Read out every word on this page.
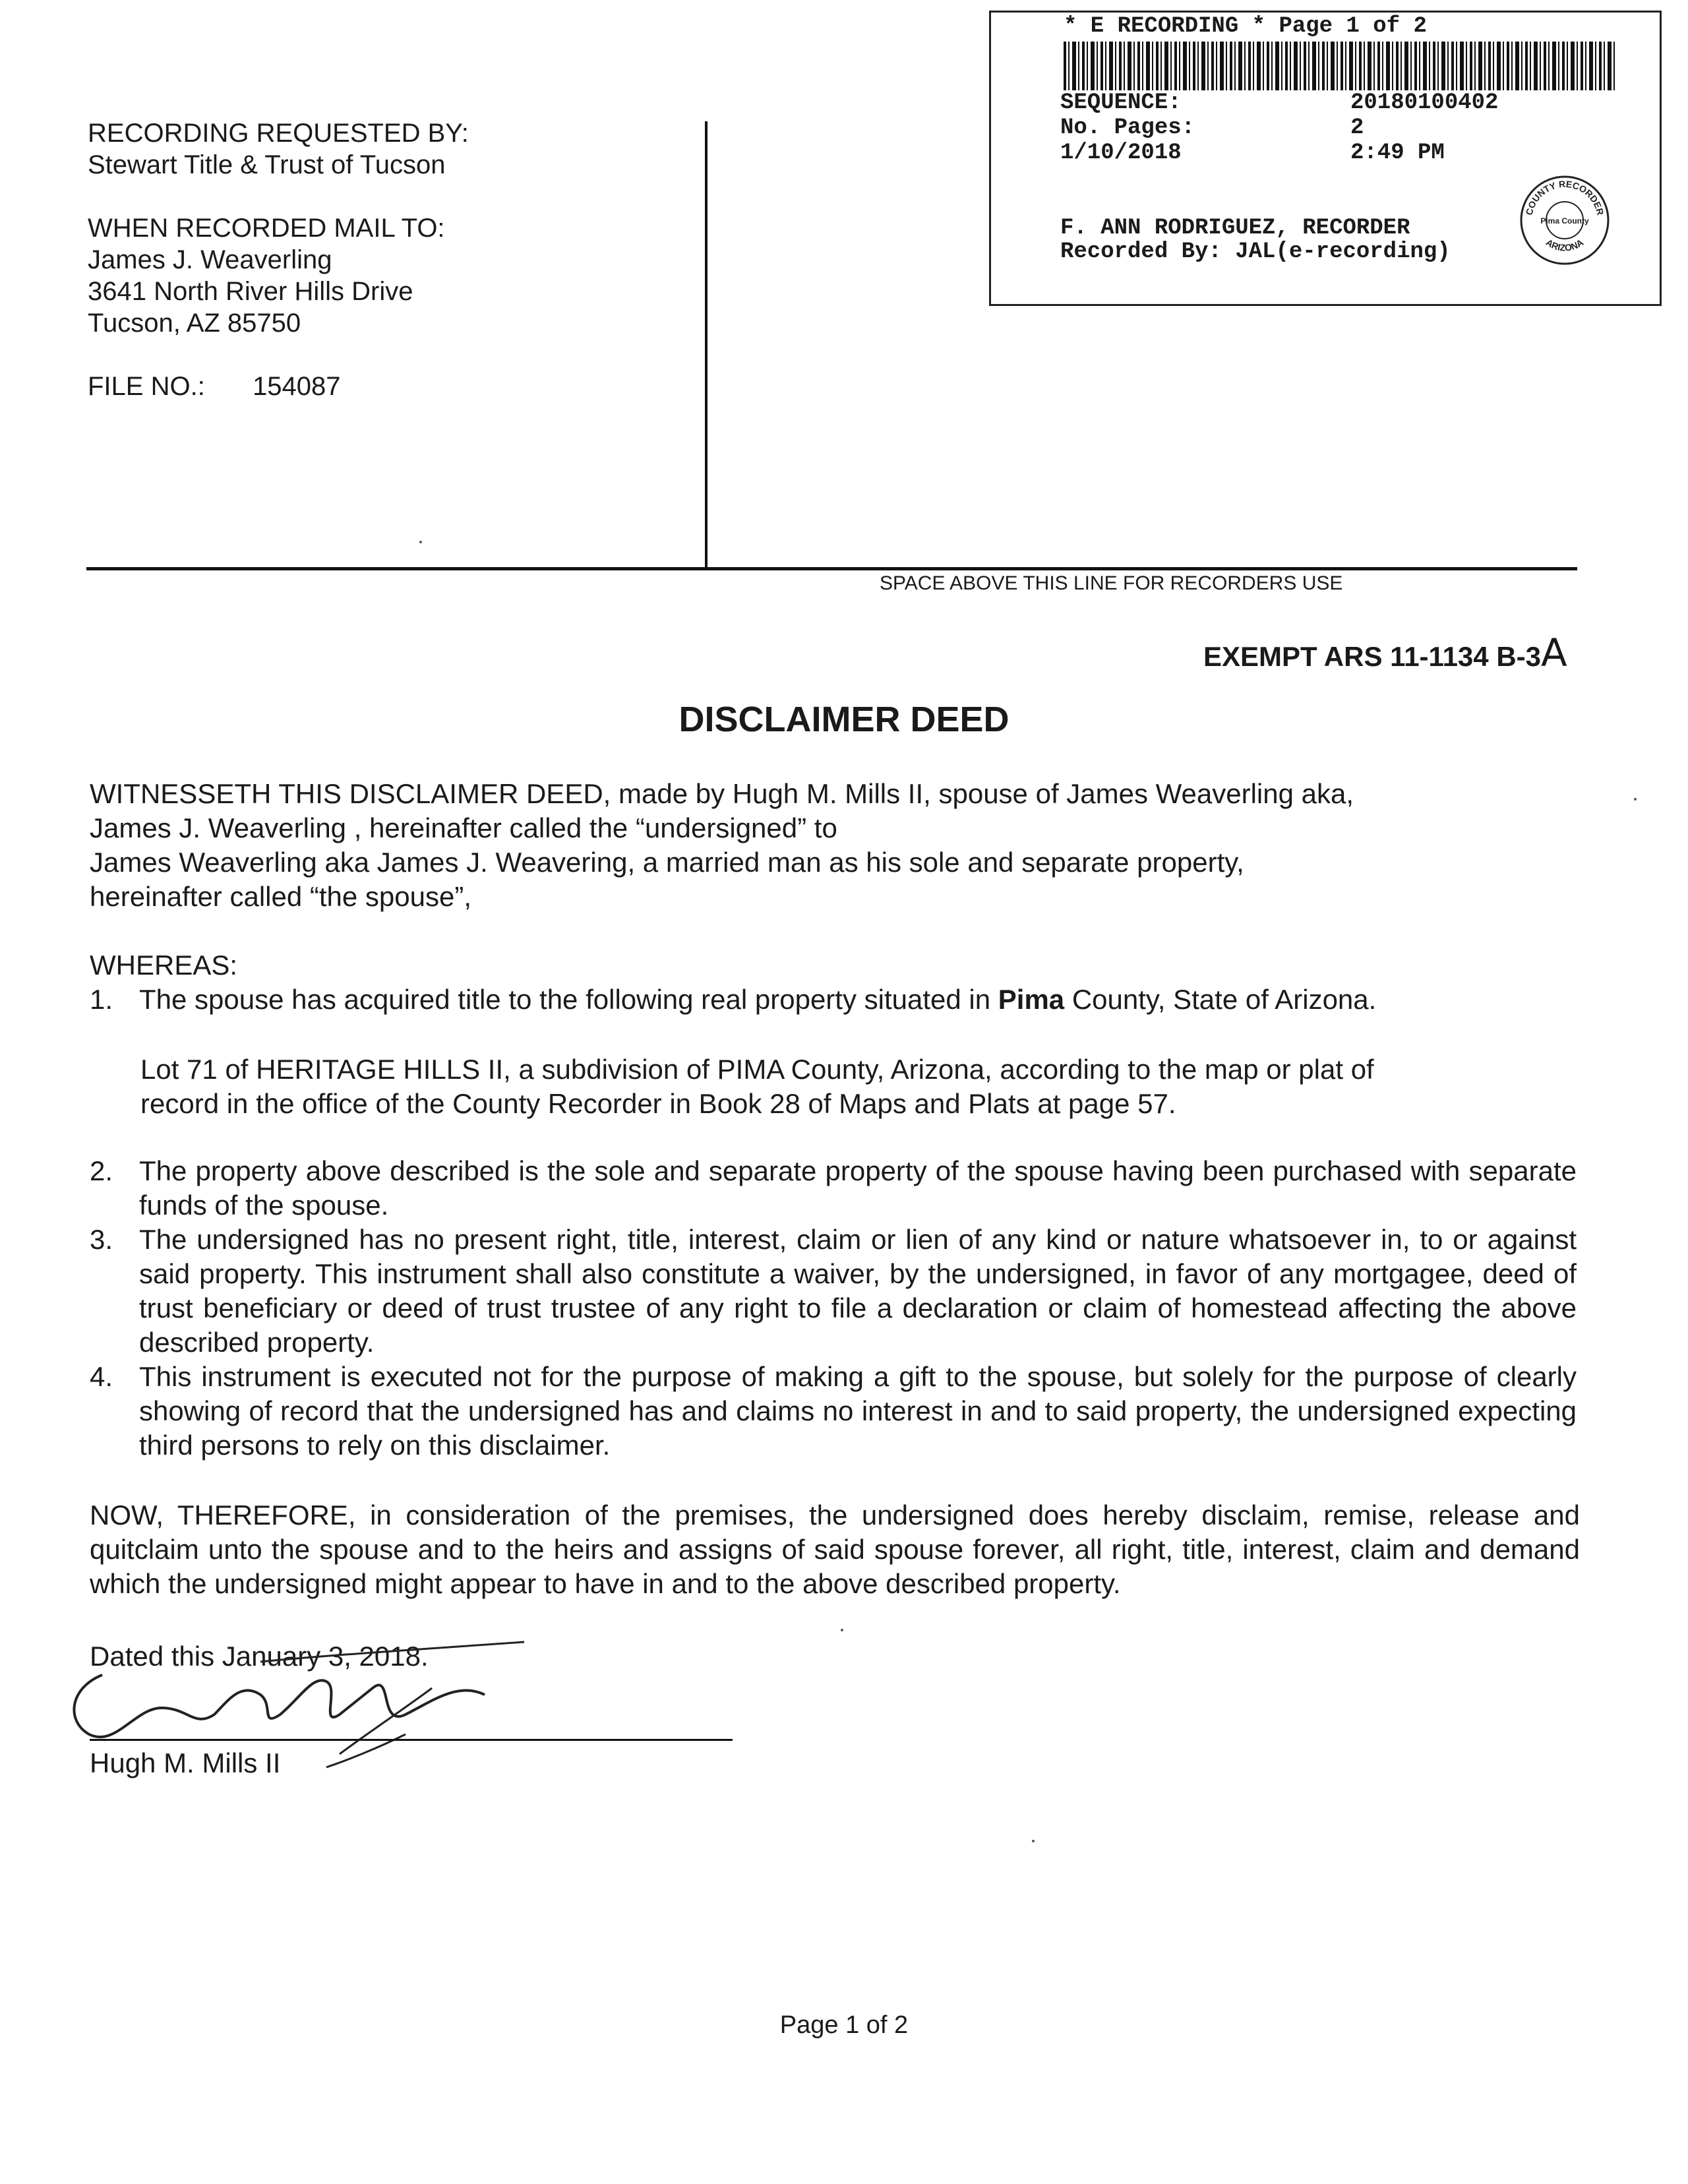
RECORDING REQUESTED BY:
Stewart Title & Trust of Tucson
WHEN RECORDED MAIL TO:
James J. Weaverling
3641 North River Hills Drive
Tucson, AZ 85750
FILE NO.: 154087
* E RECORDING * Page 1 of 2
SEQUENCE:	20180100402
No. Pages:	2
1/10/2018	2:49 PM
F. ANN RODRIGUEZ, RECORDER
Recorded By: JAL(e-recording)
COUNTY RECORDER
Pima County
ARIZONA
SPACE ABOVE THIS LINE FOR RECORDERS USE
EXEMPT ARS 11-1134 B-3A
DISCLAIMER DEED

WITNESSETH THIS DISCLAIMER DEED, made by Hugh M. Mills II, spouse of James Weaverling aka,

James J. Weaverling , hereinafter called the “undersigned” to

James Weaverling aka James J. Weavering, a married man as his sole and separate property,

hereinafter called “the spouse”,

WHEREAS:
1. The spouse has acquired title to the following real property situated in Pima County, State of Arizona.

Lot 71 of HERITAGE HILLS II, a subdivision of PIMA County, Arizona, according to the map or plat of

record in the office of the County Recorder in Book 28 of Maps and Plats at page 57.

2. The property above described is the sole and separate property of the spouse having been purchased with separate funds of the spouse.
3. The undersigned has no present right, title, interest, claim or lien of any kind or nature whatsoever in, to or against said property. This instrument shall also constitute a waiver, by the undersigned, in favor of any mortgagee, deed of trust beneficiary or deed of trust trustee of any right to file a declaration or claim of homestead affecting the above described property.
4. This instrument is executed not for the purpose of making a gift to the spouse, but solely for the purpose of clearly showing of record that the undersigned has and claims no interest in and to said property, the undersigned expecting third persons to rely on this disclaimer.
NOW, THEREFORE, in consideration of the premises, the undersigned does hereby disclaim, remise, release and quitclaim unto the spouse and to the heirs and assigns of said spouse forever, all right, title, interest, claim and demand which the undersigned might appear to have in and to the above described property.
Dated this January 3, 2018.
Hugh M. Mills II
Page 1 of 2
